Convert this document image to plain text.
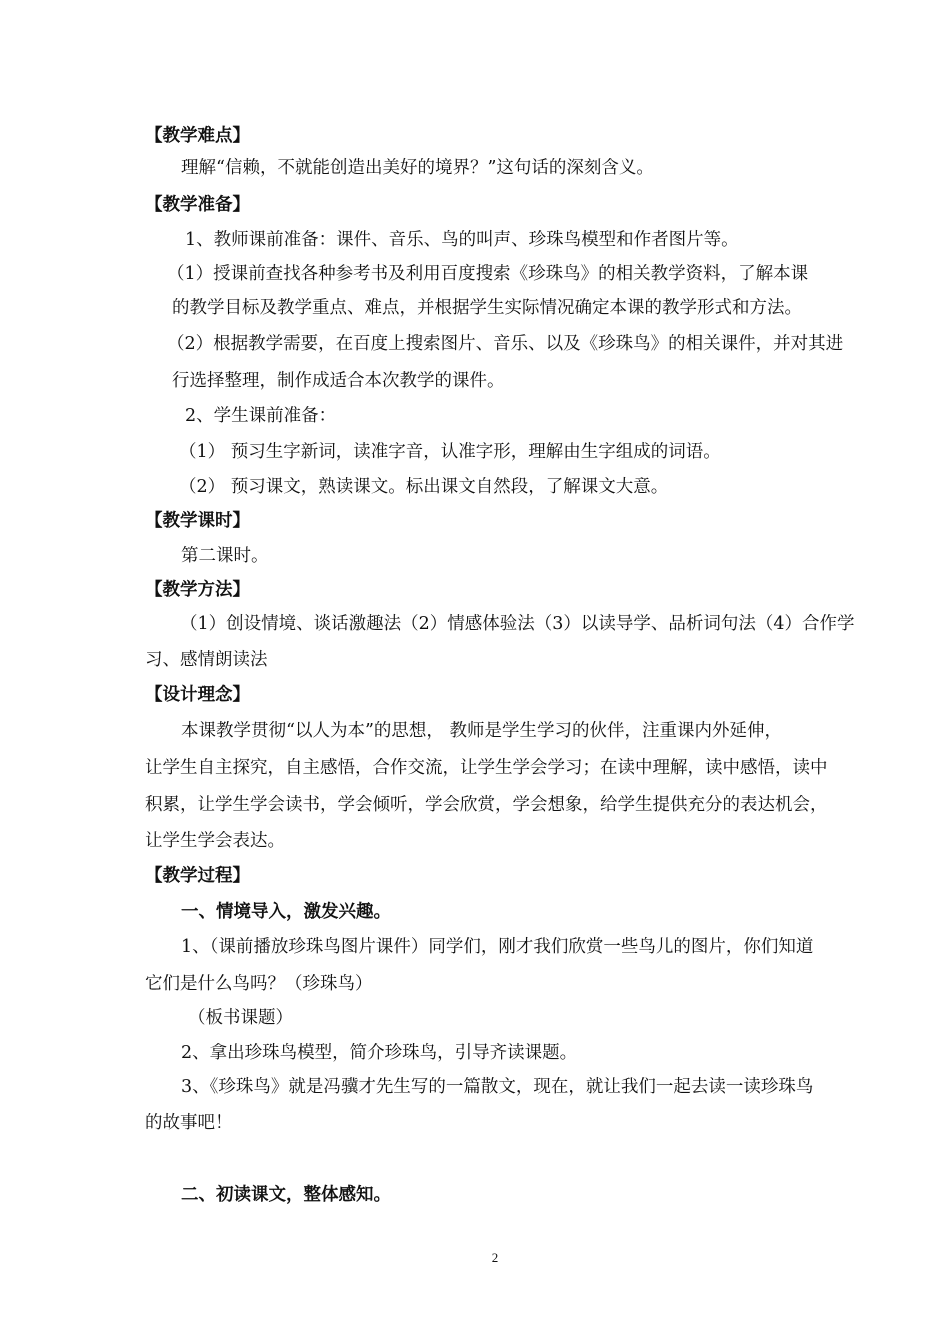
【教学难点】
理解“信赖，不就能创造出美好的境界？”这句话的深刻含义。
【教学准备】
1、教师课前准备：课件、音乐、鸟的叫声、珍珠鸟模型和作者图片等。
（1）授课前查找各种参考书及利用百度搜索《珍珠鸟》的相关教学资料，了解本课
的教学目标及教学重点、难点，并根据学生实际情况确定本课的教学形式和方法。
（2）根据教学需要，在百度上搜索图片、音乐、以及《珍珠鸟》的相关课件，并对其进
行选择整理，制作成适合本次教学的课件。
2、学生课前准备：
（1） 预习生字新词，读准字音，认准字形，理解由生字组成的词语。
（2） 预习课文，熟读课文。标出课文自然段，了解课文大意。
【教学课时】
第二课时。
【教学方法】
（1）创设情境、谈话激趣法（2）情感体验法（3）以读导学、品析词句法（4）合作学
习、感情朗读法
【设计理念】
本课教学贯彻“以人为本”的思想， 教师是学生学习的伙伴，注重课内外延伸，
让学生自主探究，自主感悟，合作交流，让学生学会学习；在读中理解，读中感悟，读中
积累，让学生学会读书，学会倾听，学会欣赏，学会想象，给学生提供充分的表达机会，
让学生学会表达。
【教学过程】
一、情境导入，激发兴趣。
1、（课前播放珍珠鸟图片课件）同学们，刚才我们欣赏一些鸟儿的图片，你们知道
它们是什么鸟吗？（珍珠鸟）
（板书课题）
2、拿出珍珠鸟模型，简介珍珠鸟，引导齐读课题。
3、《珍珠鸟》就是冯骥才先生写的一篇散文，现在，就让我们一起去读一读珍珠鸟
的故事吧！
二、初读课文，整体感知。
2
